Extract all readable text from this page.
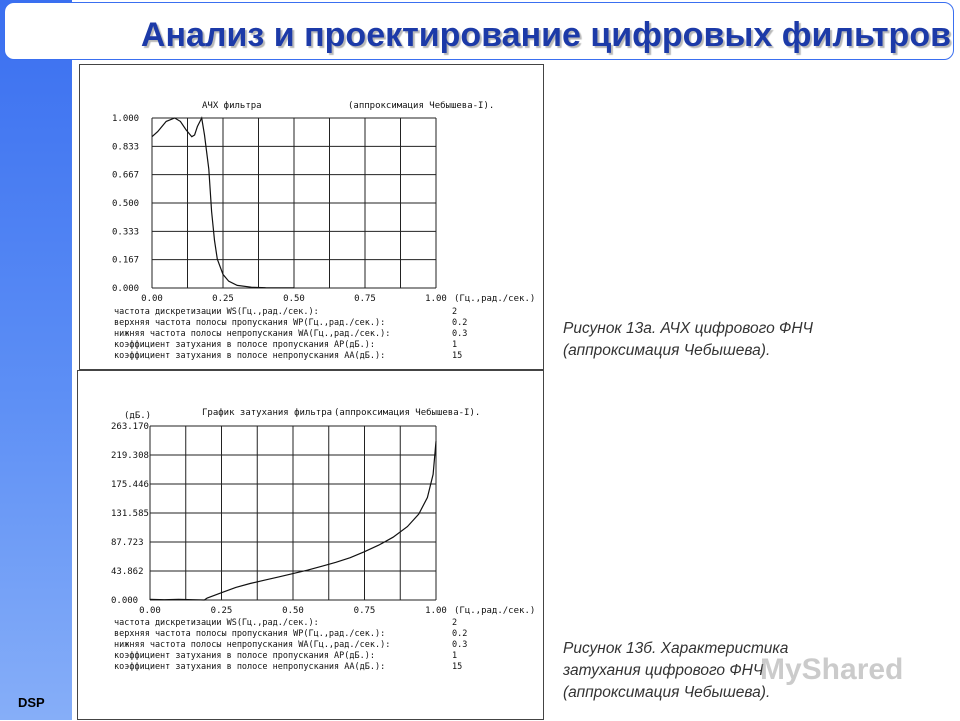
DSP
Анализ и проектирование цифровых фильтров
АЧХ фильтра	(аппроксимация Чебышева-I).
0.000
0.167
0.333
0.500
0.667
0.833
1.000
0.00	0.25	0.50	0.75	1.00 (Гц.,рад./сек.)
частота дискретизации WS(Гц.,рад./сек.):	2
верхняя частота полосы пропускания WP(Гц.,рад./сек.):	0.2
нижняя частота полосы непропускания WA(Гц.,рад./сек.):	0.3
коэффициент затухания в полосе пропускания AP(дБ.):	1
коэффициент затухания в полосе непропускания AA(дБ.):	15
График затухания фильтра (аппроксимация Чебышева-I).
(дБ.)
0.000
43.862
87.723
131.585
175.446
219.308
263.170
0.00	0.25	0.50	0.75	1.00 (Гц.,рад./сек.)
частота дискретизации WS(Гц.,рад./сек.):	2
верхняя частота полосы пропускания WP(Гц.,рад./сек.):	0.2
нижняя частота полосы непропускания WA(Гц.,рад./сек.):	0.3
коэффициент затухания в полосе пропускания AP(дБ.):	1
коэффициент затухания в полосе непропускания AA(дБ.):	15
Рисунок 13а. АЧХ цифрового ФНЧ
(аппроксимация Чебышева).
Рисунок 13б. Характеристика
затухания цифрового ФНЧ
(аппроксимация Чебышева).
MyShared
